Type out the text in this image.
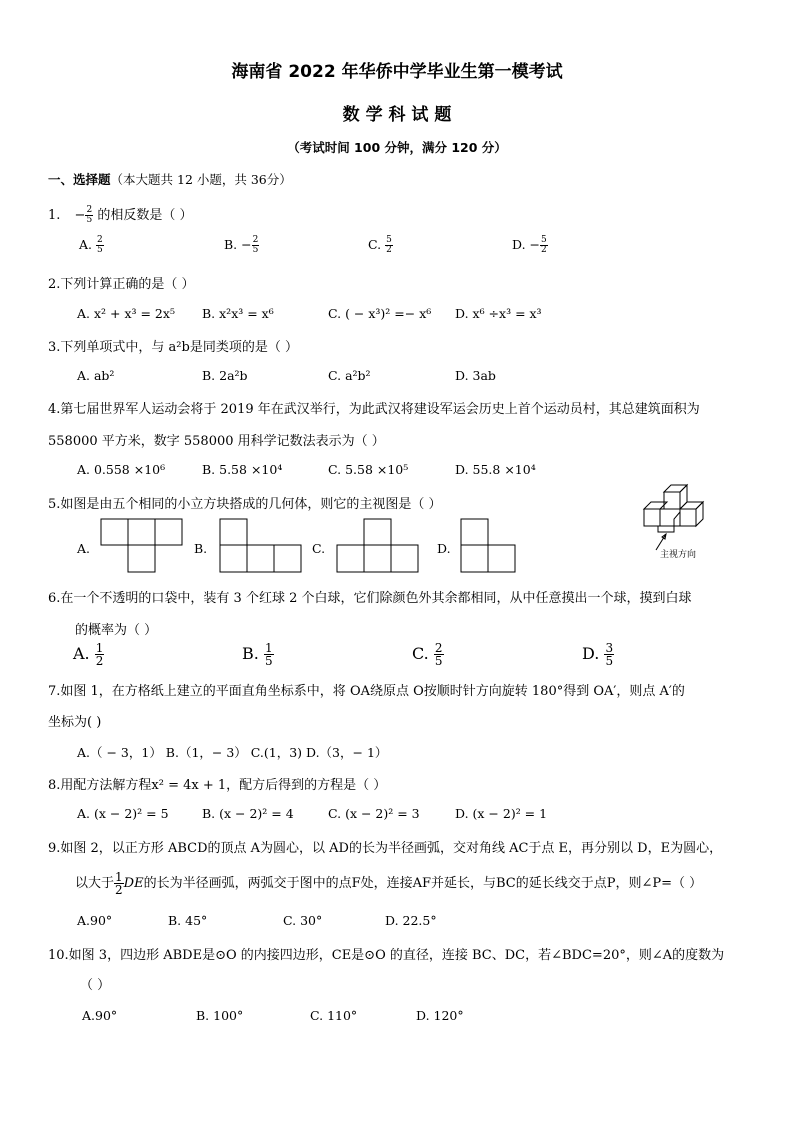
海南省 2022 年华侨中学毕业生第一模考试
数 学 科 试 题
（考试时间 100 分钟，满分 120 分）
一、选择题（本大题共 12 小题，共 36分）
1. − $\frac{2}{5}$ 的相反数是（ ）
A. $\frac{2}{5}$	B. − $\frac{2}{5}$	C. $\frac{5}{2}$	D. − $\frac{5}{2}$
2.下列计算正确的是（ ）
A. x² + x³ = 2x⁵ B. x²x³ = x⁶	C. ( − x³)² =− x⁶ D. x⁶ ÷x³ = x³
3.下列单项式中，与 a²b是同类项的是（ ）
A. ab²	B. 2a²b	C. a²b²	D. 3ab
4.第七届世界军人运动会将于 2019 年在武汉举行，为此武汉将建设军运会历史上首个运动员村，其总建筑面积为
558000 平方米，数字 558000 用科学记数法表示为（ ）
A. 0.558 ×10⁶	B. 5.58 ×10⁴	C. 5.58 ×10⁵	D. 55.8 ×10⁴
5.如图是由五个相同的小立方块搭成的几何体，则它的主视图是（ ）
A.	B.	C.	D.	主视方向
6.在一个不透明的口袋中，装有 3 个红球 2 个白球，它们除颜色外其余都相同，从中任意摸出一个球，摸到白球
的概率为（ ）
A. $\frac{1}{2}$	B. $\frac{1}{5}$	C. $\frac{2}{5}$	D. $\frac{3}{5}$
7.如图 1，在方格纸上建立的平面直角坐标系中，将 OA绕原点 O按顺时针方向旋转 180°得到 OA′，则点 A′的
坐标为( )
A.（ − 3，1） B.（1，− 3） C.(1，3) D.（3，− 1）
8.用配方法解方程x² = 4x + 1，配方后得到的方程是（ ）
A. (x − 2)² = 5	B. (x − 2)² = 4	C. (x − 2)² = 3	D. (x − 2)² = 1
9.如图 2，以正方形 ABCD的顶点 A为圆心，以 AD的长为半径画弧，交对角线 AC于点 E，再分别以 D，E为圆心，
以大于 $\frac{1}{2}$ DE的长为半径画弧，两弧交于图中的点F处，连接AF并延长，与BC的延长线交于点P，则∠P=（ ）
A.90°	B. 45°	C. 30°	D. 22.5°
10.如图 3，四边形 ABDE是⊙O 的内接四边形，CE是⊙O 的直径，连接 BC、DC，若∠BDC=20°，则∠A的度数为
（ ）
A.90°	B. 100°	C. 110°	D. 120°
